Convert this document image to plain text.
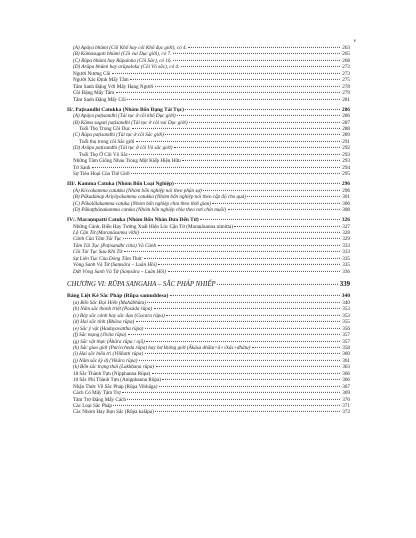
v
(A) Apāya bhūmi (Cõi Khổ hay cõi Khổ đục giới), có 4.	263
(B) Kāmasugati bhūmi (Cõi vui Dục giới), có 7.	265
(C) Rūpa bhūmi hay Rūpaloka (Cõi Sắc), có 16.	268
(D) Arūpa bhūmi hay arūpaloka (Cõi Vô sắc), có 4.	272
Người Nương Cõi	273
Người Xác Định Mấy Tâm	275
Tâm Sanh Đặng Với Mấy Hạng Người	278
Cõi Đặng Mấy Tâm	279
Tâm Sanh Đặng Mấy Cõi	281
II/. Paṭisandhi Catukka (Nhóm Bốn Đạng Tái Tục)	286
(A) Apāya paṭisandhi (Tái tục ở cõi khổ Dục giới)	286
(B) Kāma sugati paṭisandhi (Tái tục ở cõi vui Dục giới)	287
Tuổi Thọ Trong Cõi Dục	288
(C) Rūpa paṭisandhi (Tái tục ở cõi Sắc giới)	289
Tuổi thọ trong cõi Sắc giới	291
(D) Arūpa paṭisandhi (Tái tục ở cõi Vô sắc giới)	292
Tuổi Thọ Ở Cõi Vô Sắc	293
Những Tâm Giống Nhau Trong Một Kiếp Hiện Hữu	293
Tử Sanh	294
Sự Tiêu Hoại Của Thế Giới	295
III/. Kamma Catuka (Nhóm Bốn Loại Nghiệp)	296
(A) Kiccakamma catukka (Nhóm bốn nghiệp nói theo phận sự)	296
(B) Pākadānap Ariyāyakamma catukka (Nhóm bốn nghiệp nói theo cấp độ cho quả)	301
(C) Pākalālakamma catuka (Nhóm bốn nghiệp chia theo thời gian)	306
(D) Pākaṭṭhānakamma catuka (Nhóm bốn nghiệp chia theo nơi chín muồi)	308
IV/. Maraṇupatti Catuka (Nhóm Bốn Nhân Đưa Đến Tử)	326
Những Cảnh, Biểu Hay Tướng Xuất Hiện Lúc Cận Tử (Maraṇāsanna nimitta)	327
Lộ Cận Tử (Maraṇāsanna vīthi)	328
Cảnh Của Tâm Tái Tục	329
Tâm Tái Tục (Paṭisandhi citta) Và Cảnh	333
Cõi Tái Tục Sau Khi Tử	333
Sự Liên Tục Của Dòng Tâm Thức	335
Vòng Sanh Và Tử (Saṃsāra – Luân Hồi)	335
Dứt Vòng Sanh Và Tử (Saṃsāra – Luân Hồi)	336
CHƯƠNG VI: RŪPA SANGAHA – SẮC PHÁP NHIẾP	339
Bảng Liệt Kê Sắc Pháp (Rūpa samuddesa)	340
(a) Bốn Sắc Đại Hiển (Mahābhūta)	340
(b) Năm sắc thanh triệt (Pasāda rūpa)	353
(c) Bảy sắc cảnh hay sắc đạo (Gocara rūpa)	353
(d) Hai sắc tính (Bhāva rūpa)	355
(e) Sắc ý vật (Hadayavatthu rūpa)	356
(f) Sắc mạng (Jīvita rūpa)	357
(g) Sắc vật thực (Āhāra rūpa / ojā)	357
(h) Sắc giao giới (Pariccheda rūpa) hay hư không giới (Ākāsa dhātu=ā+√kās+dhātu)	358
(i) Hai sắc biểu tri (Viññatti rūpa)	360
(j) Năm sắc kỳ dị (Vikāra rūpa)	361
(k) Bốn sắc trạng thái (Lakkhaṇa rūpa)	363
18 Sắc Thành Tựu (Nipphanna Rūpa)	366
10 Sắc Phi Thành Tựu (Anipphanna Rūpa)	366
Nhận Thức Về Sắc Pháp (Rūpa Vibhāga)	367
Cách Có Mấy Tâm Trợ	369
Tâm Trợ Đặng Mấy Cách	370
Các Loại Sắc Pháp	371
Các Nhóm Hay Bọn Sắc (Rūpa kalāpa)	372
